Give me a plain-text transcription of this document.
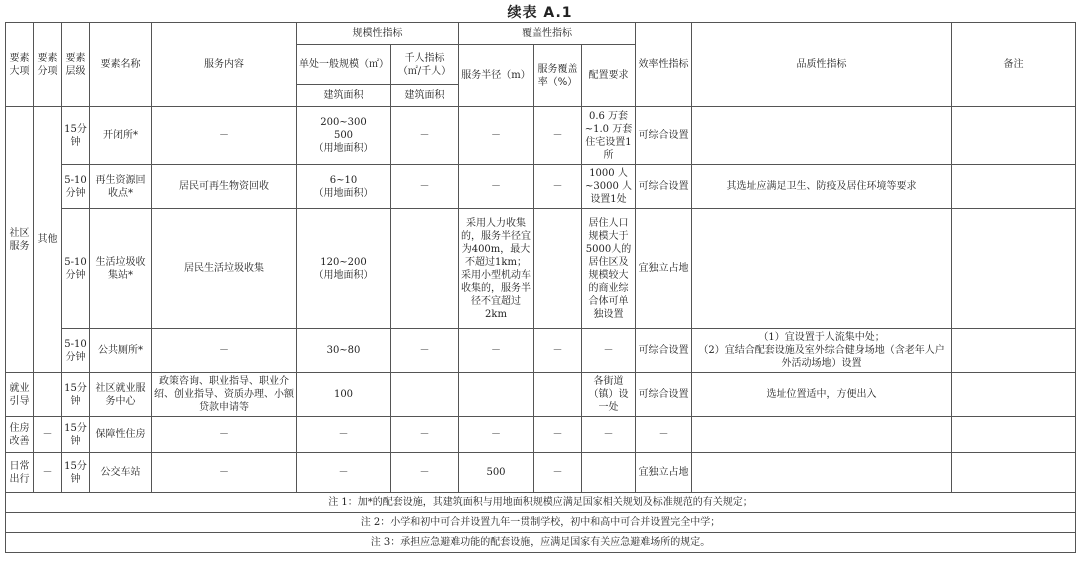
续表 A.1
要素大项	要素分项	要素层级	要素名称	服务内容	规模性指标		覆盖性指标			效率性指标	品质性指标	备注
					单处一般规模（㎡）	千人指标（㎡/千人）	服务半径（m）	服务覆盖率（%）	配置要求			
					建筑面积	建筑面积						
社区服务	其他	15分钟	开闭所*	－	200~300
500
（用地面积）	－	－	－	0.6 万套~1.0 万套住宅设置1所	可综合设置		
		5-10分钟	再生资源回收点*	居民可再生物资回收	6~10
（用地面积）	－	－	－	1000 人~3000 人设置1处	可综合设置	其选址应满足卫生、防疫及居住环境等要求	
		5-10分钟	生活垃圾收集站*	居民生活垃圾收集	120~200
（用地面积）		采用人力收集的，服务半径宜为400m，最大不超过1km；采用小型机动车收集的，服务半径不宜超过2km		居住人口规模大于5000人的居住区及规模较大的商业综合体可单独设置	宜独立占地		
		5-10分钟	公共厕所*	－	30~80	－	－	－	－	可综合设置	（1）宜设置于人流集中处；
（2）宜结合配套设施及室外综合健身场地（含老年人户外活动场地）设置	
就业引导		15分钟	社区就业服务中心	政策咨询、职业指导、职业介绍、创业指导、资质办理、小额贷款申请等	100				各街道（镇）设一处	可综合设置	选址位置适中，方便出入	
住房改善	－	15分钟	保障性住房	－	－	－	－	－	－	－		
日常出行	－	15分钟	公交车站	－	－	－	500	－		宜独立占地		
注 1：加*的配套设施，其建筑面积与用地面积规模应满足国家相关规划及标准规范的有关规定；												
注 2：小学和初中可合并设置九年一贯制学校，初中和高中可合并设置完全中学；												
注 3：承担应急避难功能的配套设施，应满足国家有关应急避难场所的规定。												
